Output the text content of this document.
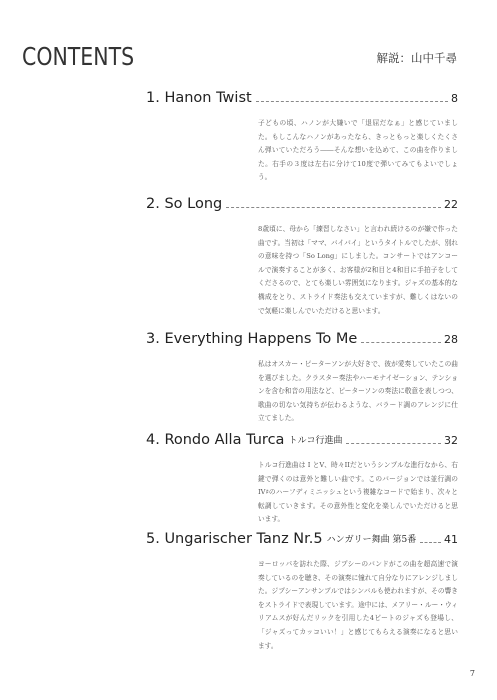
CONTENTS	解説：山中千尋
1. Hanon Twist	8
子どもの頃、ハノンが大嫌いで「退屈だなぁ」と感じていました。もしこんなハノンがあったなら、きっともっと楽しくたくさん弾いていただろう――そんな想いを込めて、この曲を作りました。右手の３度は左右に分けて10度で弾いてみてもよいでしょう。
2. So Long	22
8歳頃に、母から「練習しなさい」と言われ続けるのが嫌で作った曲です。当初は「ママ、バイバイ」というタイトルでしたが、別れの意味を持つ「So Long」にしました。コンサートではアンコールで演奏することが多く、お客様が2和目と4和目に手拍子をしてくださるので、とても楽しい雰囲気になります。ジャズの基本的な構成をとり、ストライド奏法も交えていますが、難しくはないので気軽に楽しんでいただけると思います。
3. Everything Happens To Me	28
私はオスカー・ピーターソンが大好きで、彼が愛奏していたこの曲を選びました。クラスター奏法やハーモナイゼーション、テンションを含む和音の用法など、ピーターソンの奏法に敬意を表しつつ、歌曲の切ない気持ちが伝わるような、バラード調のアレンジに仕立てました。
4. Rondo Alla Turca トルコ行進曲	32
トルコ行進曲は I とV、時々IIだというシンプルな進行なから、右鍵で弾くのは意外と難しい曲です。このバージョンでは並行調のIV♯のハーフディミニッシュという複雑なコードで始まり、次々と転調していきます。その意外性と変化を楽しんでいただけると思います。
5. Ungarischer Tanz Nr.5 ハンガリー舞曲 第5番	41
ヨーロッパを訪れた際、ジプシーのバンドがこの曲を超高速で演奏しているのを聴き、その演奏に憧れて自分なりにアレンジしました。ジプシーアンサンブルではシンバルも使われますが、その響きをストライドで表現しています。途中には、メアリー・ルー・ウィリアムスが好んだリックを引用した4ビートのジャズも登場し、「ジャズってカッコいい！」と感じてもらえる演奏になると思います。
7
